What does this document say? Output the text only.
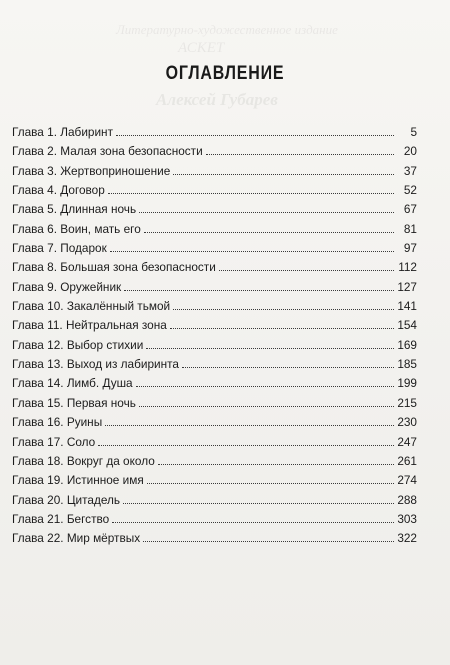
Литературно-художественное издание
АСКЕТ
Алексей Губарев
ОГЛАВЛЕНИЕ
Глава 1. Лабиринт	5
Глава 2. Малая зона безопасности	20
Глава 3. Жертвоприношение	37
Глава 4. Договор	52
Глава 5. Длинная ночь	67
Глава 6. Воин, мать его	81
Глава 7. Подарок	97
Глава 8. Большая зона безопасности	112
Глава 9. Оружейник	127
Глава 10. Закалённый тьмой	141
Глава 11. Нейтральная зона	154
Глава 12. Выбор стихии	169
Глава 13. Выход из лабиринта	185
Глава 14. Лимб. Душа	199
Глава 15. Первая ночь	215
Глава 16. Руины	230
Глава 17. Соло	247
Глава 18. Вокруг да около	261
Глава 19. Истинное имя	274
Глава 20. Цитадель	288
Глава 21. Бегство	303
Глава 22. Мир мёртвых	322
